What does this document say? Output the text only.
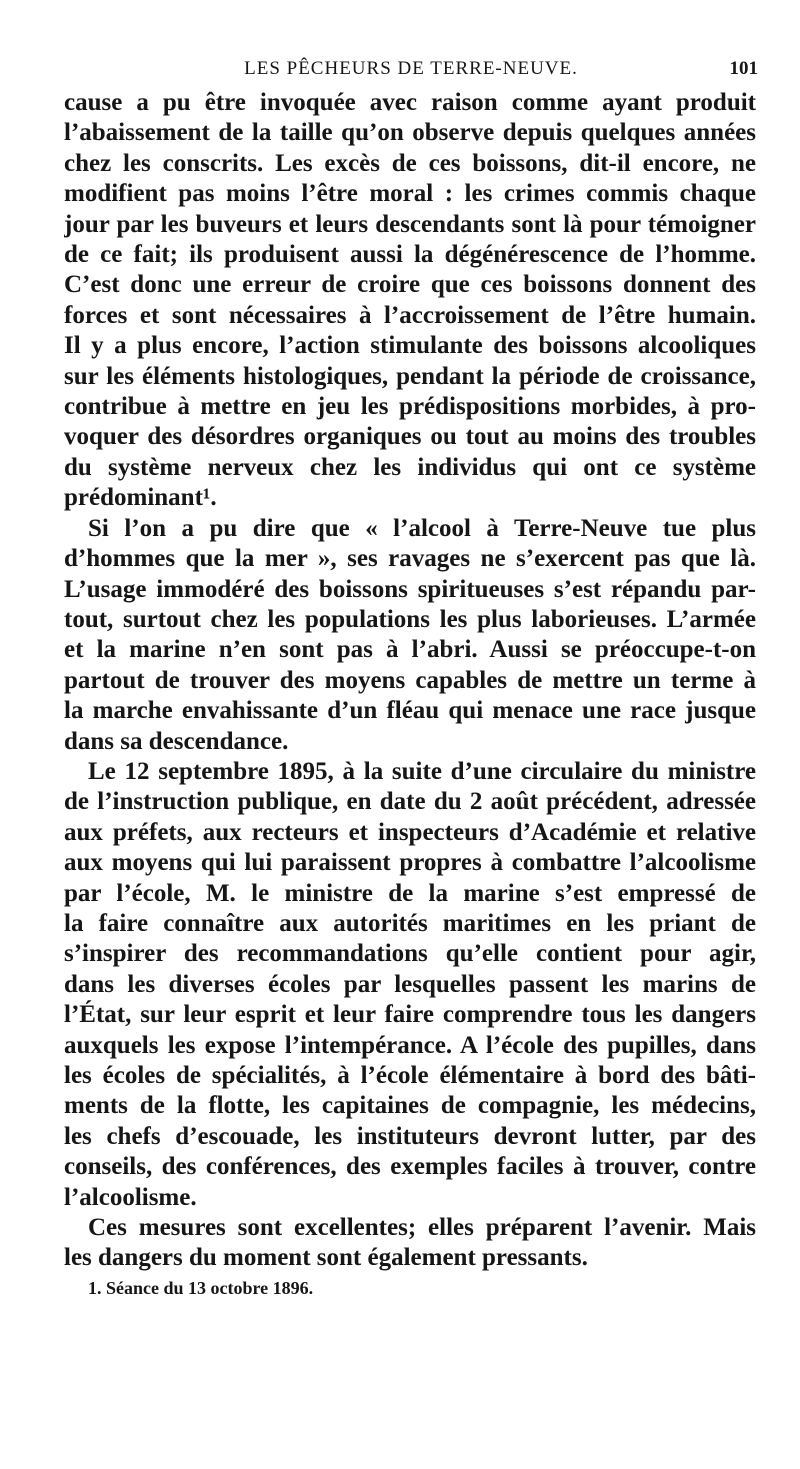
LES PÊCHEURS DE TERRE-NEUVE.	101
cause a pu être invoquée avec raison comme ayant produit
l’abaissement de la taille qu’on observe depuis quelques années
chez les conscrits. Les excès de ces boissons, dit-il encore, ne
modifient pas moins l’être moral : les crimes commis chaque
jour par les buveurs et leurs descendants sont là pour témoigner
de ce fait; ils produisent aussi la dégénérescence de l’homme.
C’est donc une erreur de croire que ces boissons donnent des
forces et sont nécessaires à l’accroissement de l’être humain.
Il y a plus encore, l’action stimulante des boissons alcooliques
sur les éléments histologiques, pendant la période de croissance,
contribue à mettre en jeu les prédispositions morbides, à pro-
voquer des désordres organiques ou tout au moins des troubles
du système nerveux chez les individus qui ont ce système
prédominant¹.
Si l’on a pu dire que « l’alcool à Terre-Neuve tue plus
d’hommes que la mer », ses ravages ne s’exercent pas que là.
L’usage immodéré des boissons spiritueuses s’est répandu par-
tout, surtout chez les populations les plus laborieuses. L’armée
et la marine n’en sont pas à l’abri. Aussi se préoccupe-t-on
partout de trouver des moyens capables de mettre un terme à
la marche envahissante d’un fléau qui menace une race jusque
dans sa descendance.
Le 12 septembre 1895, à la suite d’une circulaire du ministre
de l’instruction publique, en date du 2 août précédent, adressée
aux préfets, aux recteurs et inspecteurs d’Académie et relative
aux moyens qui lui paraissent propres à combattre l’alcoolisme
par l’école, M. le ministre de la marine s’est empressé de
la faire connaître aux autorités maritimes en les priant de
s’inspirer des recommandations qu’elle contient pour agir,
dans les diverses écoles par lesquelles passent les marins de
l’État, sur leur esprit et leur faire comprendre tous les dangers
auxquels les expose l’intempérance. A l’école des pupilles, dans
les écoles de spécialités, à l’école élémentaire à bord des bâti-
ments de la flotte, les capitaines de compagnie, les médecins,
les chefs d’escouade, les instituteurs devront lutter, par des
conseils, des conférences, des exemples faciles à trouver, contre
l’alcoolisme.
Ces mesures sont excellentes; elles préparent l’avenir. Mais
les dangers du moment sont également pressants.
1. Séance du 13 octobre 1896.
